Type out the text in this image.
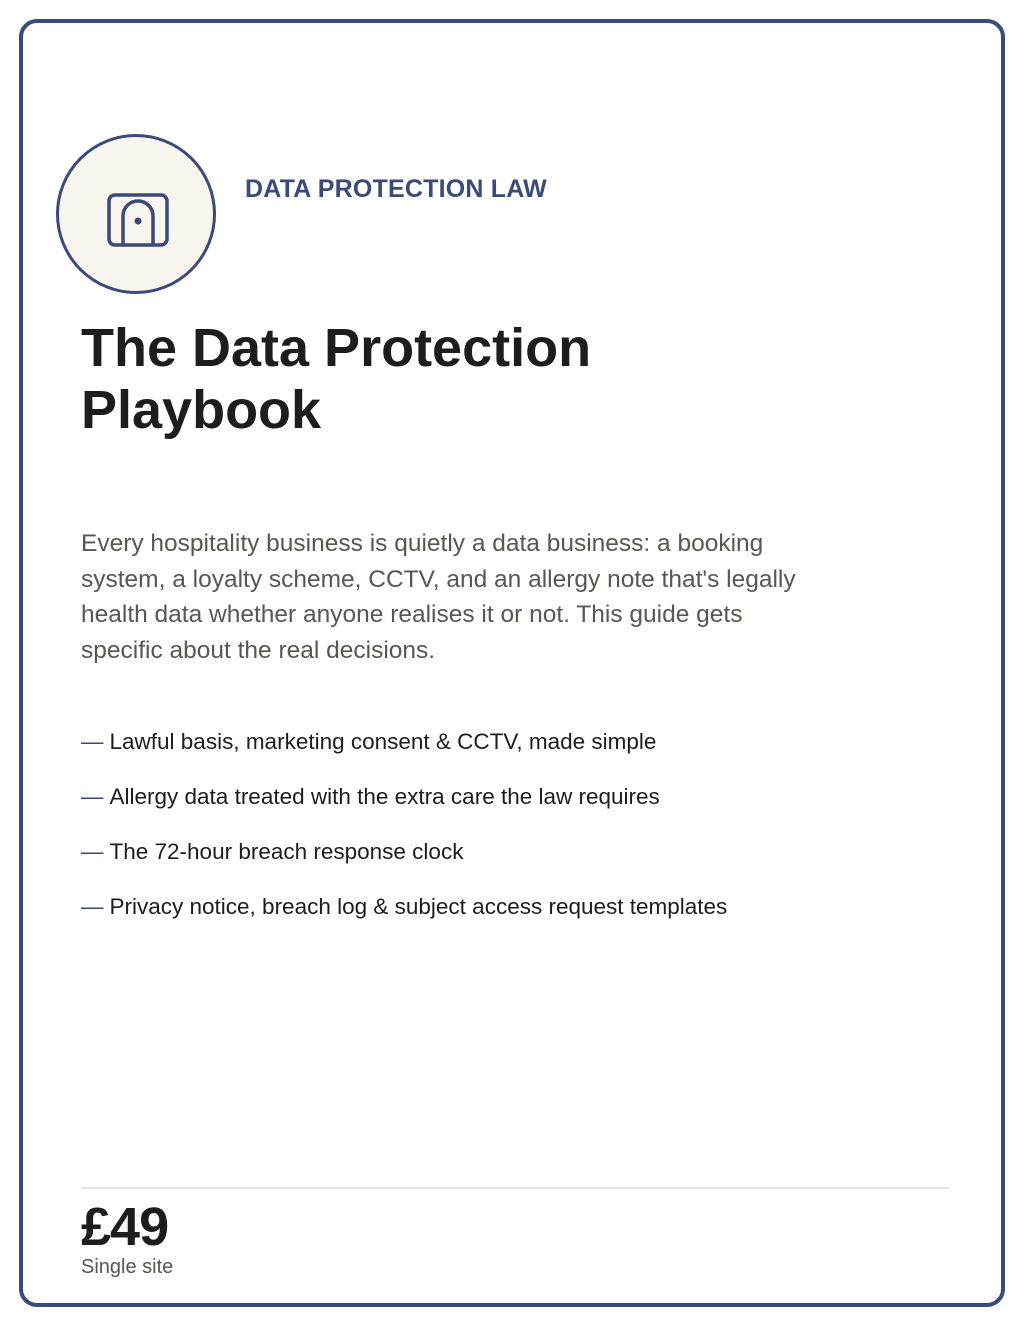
DATA PROTECTION LAW
The Data Protection Playbook

Every hospitality business is quietly a data business: a booking system, a loyalty scheme, CCTV, and an allergy note that's legally health data whether anyone realises it or not. This guide gets specific about the real decisions.

— Lawful basis, marketing consent & CCTV, made simple
— Allergy data treated with the extra care the law requires
— The 72-hour breach response clock
— Privacy notice, breach log & subject access request templates
£49
Single site
